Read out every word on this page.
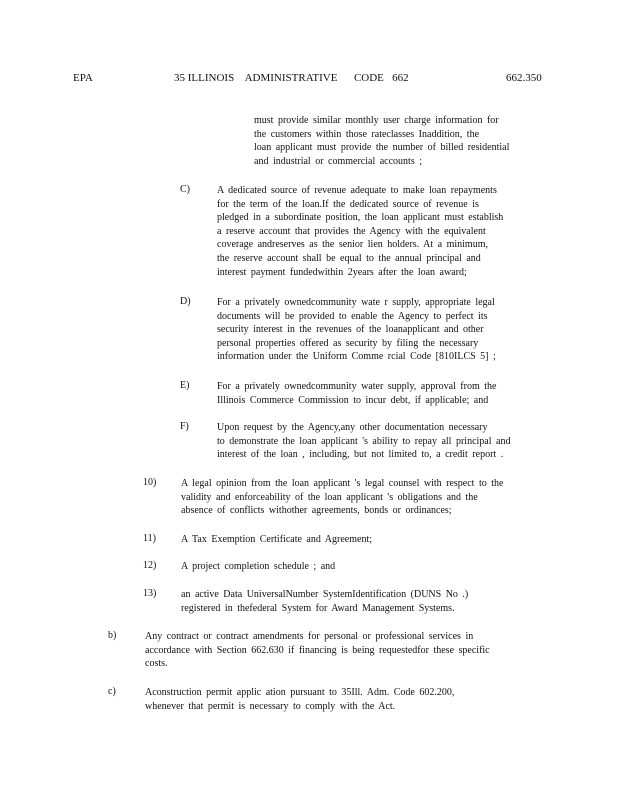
EPA	35 ILLINOIS    ADMINISTRATIVE      CODE   662	662.350
must provide similar monthly user charge information for
the customers within those rateclasses Inaddition, the
loan applicant must provide the number of billed residential
and industrial or commercial accounts ;
C)	A dedicated source of revenue adequate to make loan repayments
for the term of the loan.If the dedicated source of revenue is
pledged in a subordinate position, the loan applicant must establish
a reserve account that provides the Agency with the equivalent
coverage andreserves as the senior lien holders. At a minimum,
the reserve account shall be equal to the annual principal and
interest payment fundedwithin 2years after the loan award;
D)	For a privately ownedcommunity wate r supply, appropriate legal
documents will be provided to enable the Agency to perfect its
security interest in the revenues of the loanapplicant and other
personal properties offered as security by filing the necessary
information under the Uniform Comme rcial Code [810ILCS 5] ;
E)	For a privately ownedcommunity water supply, approval from the
Illinois Commerce Commission to incur debt, if applicable; and
F)	Upon request by the Agency,any other documentation necessary
to demonstrate the loan applicant 's ability to repay all principal and
interest of the loan , including, but not limited to, a credit report .
10) A legal opinion from the loan applicant 's legal counsel with respect to the
validity and enforceability of the loan applicant 's obligations and the
absence of conflicts withother agreements, bonds or ordinances;
11)	A Tax Exemption Certificate and Agreement;
12) A project completion schedule ; and
13) an active Data UniversalNumber SystemIdentification (DUNS No .)
registered in thefederal System for Award Management Systems.
b)	Any contract or contract amendments for personal or professional services in
accordance with Section 662.630 if financing is being requestedfor these specific
costs.
c)	Aconstruction permit applic ation pursuant to 35Ill. Adm. Code 602.200,
whenever that permit is necessary to comply with the Act.
